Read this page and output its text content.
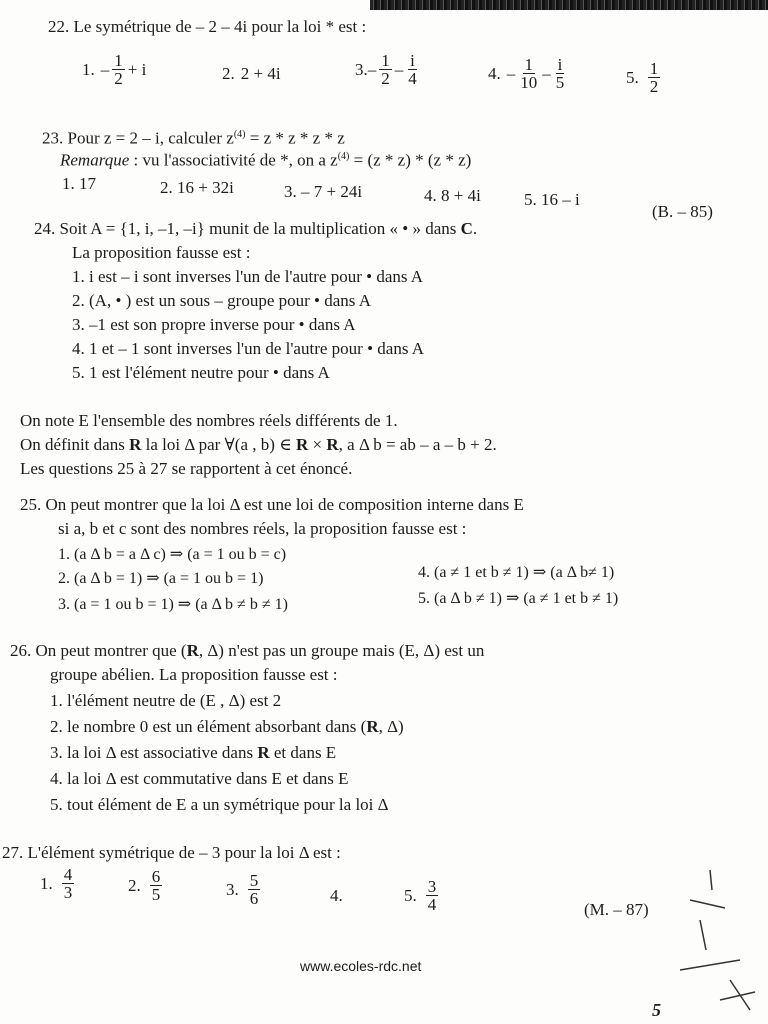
22. Le symétrique de – 2 – 4i pour la loi * est :
1. – $\frac{1}{2} + i$	2. 2 + 4i	$3.- \frac{1}{2} - \frac{i}{4}$	4. – $\frac{1}{10} - \frac{i}{5}$	5. $\frac{1}{2}$
23. Pour z = 2 – i, calculer $z^{(4)} = z * z * z * z$
Remarque : vu l'associativité de *, on a $z^{(4)} = (z * z) * (z * z)$
1. 17	2. 16 + 32i	3. – 7 + 24i	4. 8 + 4i	5. 16 – i
(B. – 85)
24. Soit A = {1, i, –1, –i} munit de la multiplication « • » dans C.
La proposition fausse est :
1. i est – i sont inverses l'un de l'autre pour • dans A
2. (A, • ) est un sous – groupe pour • dans A
3. –1 est son propre inverse pour • dans A
4. 1 et – 1 sont inverses l'un de l'autre pour • dans A
5. 1 est l'élément neutre pour • dans A
On note E l'ensemble des nombres réels différents de 1.
On définit dans R la loi Δ par ∀(a , b) ∈ R × R, a Δ b = ab – a – b + 2.
Les questions 25 à 27 se rapportent à cet énoncé.
25. On peut montrer que la loi Δ est une loi de composition interne dans E
si a, b et c sont des nombres réels, la proposition fausse est :
1. (a Δ b = a Δ c) ⇒ (a = 1 ou b = c)
2. (a Δ b = 1) ⇒ (a = 1 ou b = 1)
3. (a = 1 ou b = 1) ⇒ (a Δ b ≠ b ≠ 1)
4. (a ≠ 1 et b ≠ 1) ⇒ (a Δ b≠ 1)
5. (a Δ b ≠ 1) ⇒ (a ≠ 1 et b ≠ 1)
26. On peut montrer que (R, Δ) n'est pas un groupe mais (E, Δ) est un
groupe abélien. La proposition fausse est :
1. l'élément neutre de (E , Δ) est 2
2. le nombre 0 est un élément absorbant dans (R, Δ)
3. la loi Δ est associative dans R et dans E
4. la loi Δ est commutative dans E et dans E
5. tout élément de E a un symétrique pour la loi Δ
27. L'élément symétrique de – 3 pour la loi Δ est :
1. $\frac{4}{3}$	2. $\frac{6}{5}$	3. $\frac{5}{6}$	4.	5. $\frac{3}{4}$	(M. – 87)
www.ecoles-rdc.net
5
